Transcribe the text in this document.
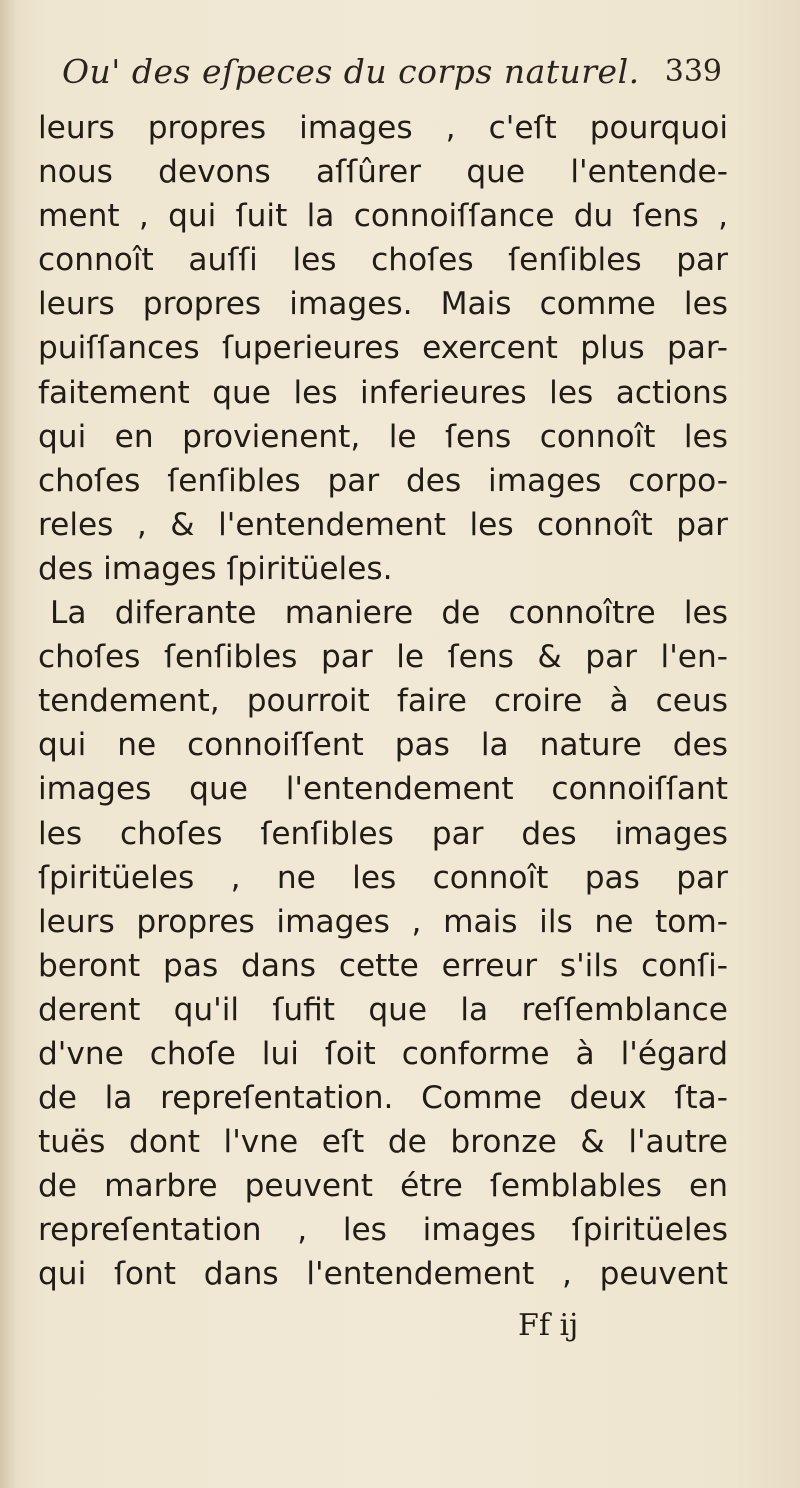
Ou' des eſpeces du corps naturel. 339
leurs propres images , c'eſt pourquoi
nous devons aſſûrer que l'entende-
ment , qui ſuit la connoiſſance du ſens ,
connoît auſſi les choſes ſenſibles par
leurs propres images. Mais comme les
puiſſances ſuperieures exercent plus par-
faitement que les inferieures les actions
qui en provienent, le ſens connoît les
choſes ſenſibles par des images corpo-
reles , & l'entendement les connoît par
des images ſpiritüeles.
La diferante maniere de connoître les
choſes ſenſibles par le ſens & par l'en-
tendement, pourroit faire croire à ceus
qui ne connoiſſent pas la nature des
images que l'entendement connoiſſant
les choſes ſenſibles par des images
ſpiritüeles , ne les connoît pas par
leurs propres images , mais ils ne tom-
beront pas dans cette erreur s'ils conſi-
derent qu'il ſufit que la reſſemblance
d'vne choſe lui ſoit conforme à l'égard
de la repreſentation. Comme deux ſta-
tuës dont l'vne eſt de bronze & l'autre
de marbre peuvent étre ſemblables en
repreſentation , les images ſpiritüeles
qui ſont dans l'entendement , peuvent
Ff ij
